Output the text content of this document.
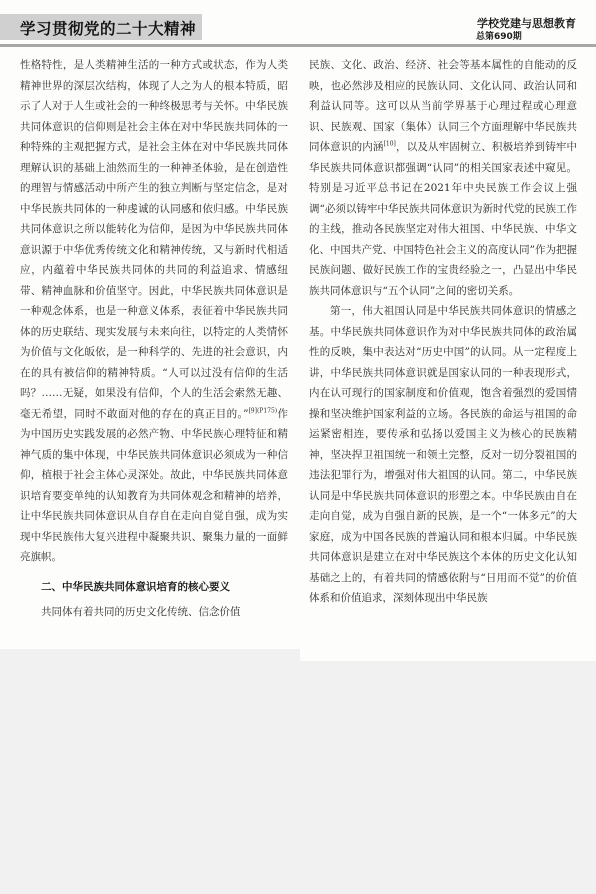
学习贯彻党的二十大精神	学校党建与思想教育
总第690期

性格特性，是人类精神生活的一种方式或状态，作为人类精神世界的深层次结构，体现了人之为人的根本特质，昭示了人对于人生或社会的一种终极思考与关怀。中华民族共同体意识的信仰则是社会主体在对中华民族共同体的一种特殊的主观把握方式，是社会主体在对中华民族共同体理解认识的基础上油然而生的一种神圣体验，是在创造性的理智与情感活动中所产生的独立判断与坚定信念，是对中华民族共同体的一种虔诚的认同感和依归感。中华民族共同体意识之所以能转化为信仰，是因为中华民族共同体意识源于中华优秀传统文化和精神传统，又与新时代相适应，内蕴着中华民族共同体的共同的利益追求、情感纽带、精神血脉和价值坚守。因此，中华民族共同体意识是一种观念体系，也是一种意义体系，表征着中华民族共同体的历史联结、现实发展与未来向往，以特定的人类情怀为价值与文化皈依，是一种科学的、先进的社会意识，内在的具有被信仰的精神特质。“人可以过没有信仰的生活吗？……无疑，如果没有信仰，个人的生活会索然无趣、毫无希望，同时不敢面对他的存在的真正目的。”$^{[9](P175)}$作为中国历史实践发展的必然产物、中华民族心理特征和精神气质的集中体现，中华民族共同体意识必须成为一种信仰，植根于社会主体心灵深处。故此，中华民族共同体意识培育要变单纯的认知教育为共同体观念和精神的培养，让中华民族共同体意识从自存自在走向自觉自强，成为实现中华民族伟大复兴进程中凝聚共识、聚集力量的一面鲜亮旗帜。

二、中华民族共同体意识培育的核心要义

共同体有着共同的历史文化传统、信念价值

民族、文化、政治、经济、社会等基本属性的自能动的反映，也必然涉及相应的民族认同、文化认同、政治认同和利益认同等。这可以从当前学界基于心理过程或心理意识、民族观、国家（集体）认同三个方面理解中华民族共同体意识的内涵[10]，以及从牢固树立、积极培养到铸牢中华民族共同体意识都强调“认同”的相关国家表述中窥见。特别是习近平总书记在2021年中央民族工作会议上强调“必须以铸牢中华民族共同体意识为新时代党的民族工作的主线，推动各民族坚定对伟大祖国、中华民族、中华文化、中国共产党、中国特色社会主义的高度认同”作为把握民族问题、做好民族工作的宝贵经验之一，凸显出中华民族共同体意识与“五个认同”之间的密切关系。

第一，伟大祖国认同是中华民族共同体意识的情感之基。中华民族共同体意识作为对中华民族共同体的政治属性的反映，集中表达对“历史中国”的认同。从一定程度上讲，中华民族共同体意识就是国家认同的一种表现形式，内在认可现行的国家制度和价值观，饱含着强烈的爱国情操和坚决维护国家利益的立场。各民族的命运与祖国的命运紧密相连，要传承和弘扬以爱国主义为核心的民族精神，坚决捍卫祖国统一和领土完整，反对一切分裂祖国的违法犯罪行为，增强对伟大祖国的认同。第二，中华民族认同是中华民族共同体意识的形塑之本。中华民族由自在走向自觉，成为自强自新的民族，是一个“一体多元”的大家庭，成为中国各民族的普遍认同和根本归属。中华民族共同体意识是建立在对中华民族这个本体的历史文化认知基础之上的，有着共同的情感依附与“日用而不觉”的价值体系和价值追求，深刻体现出中华民族
